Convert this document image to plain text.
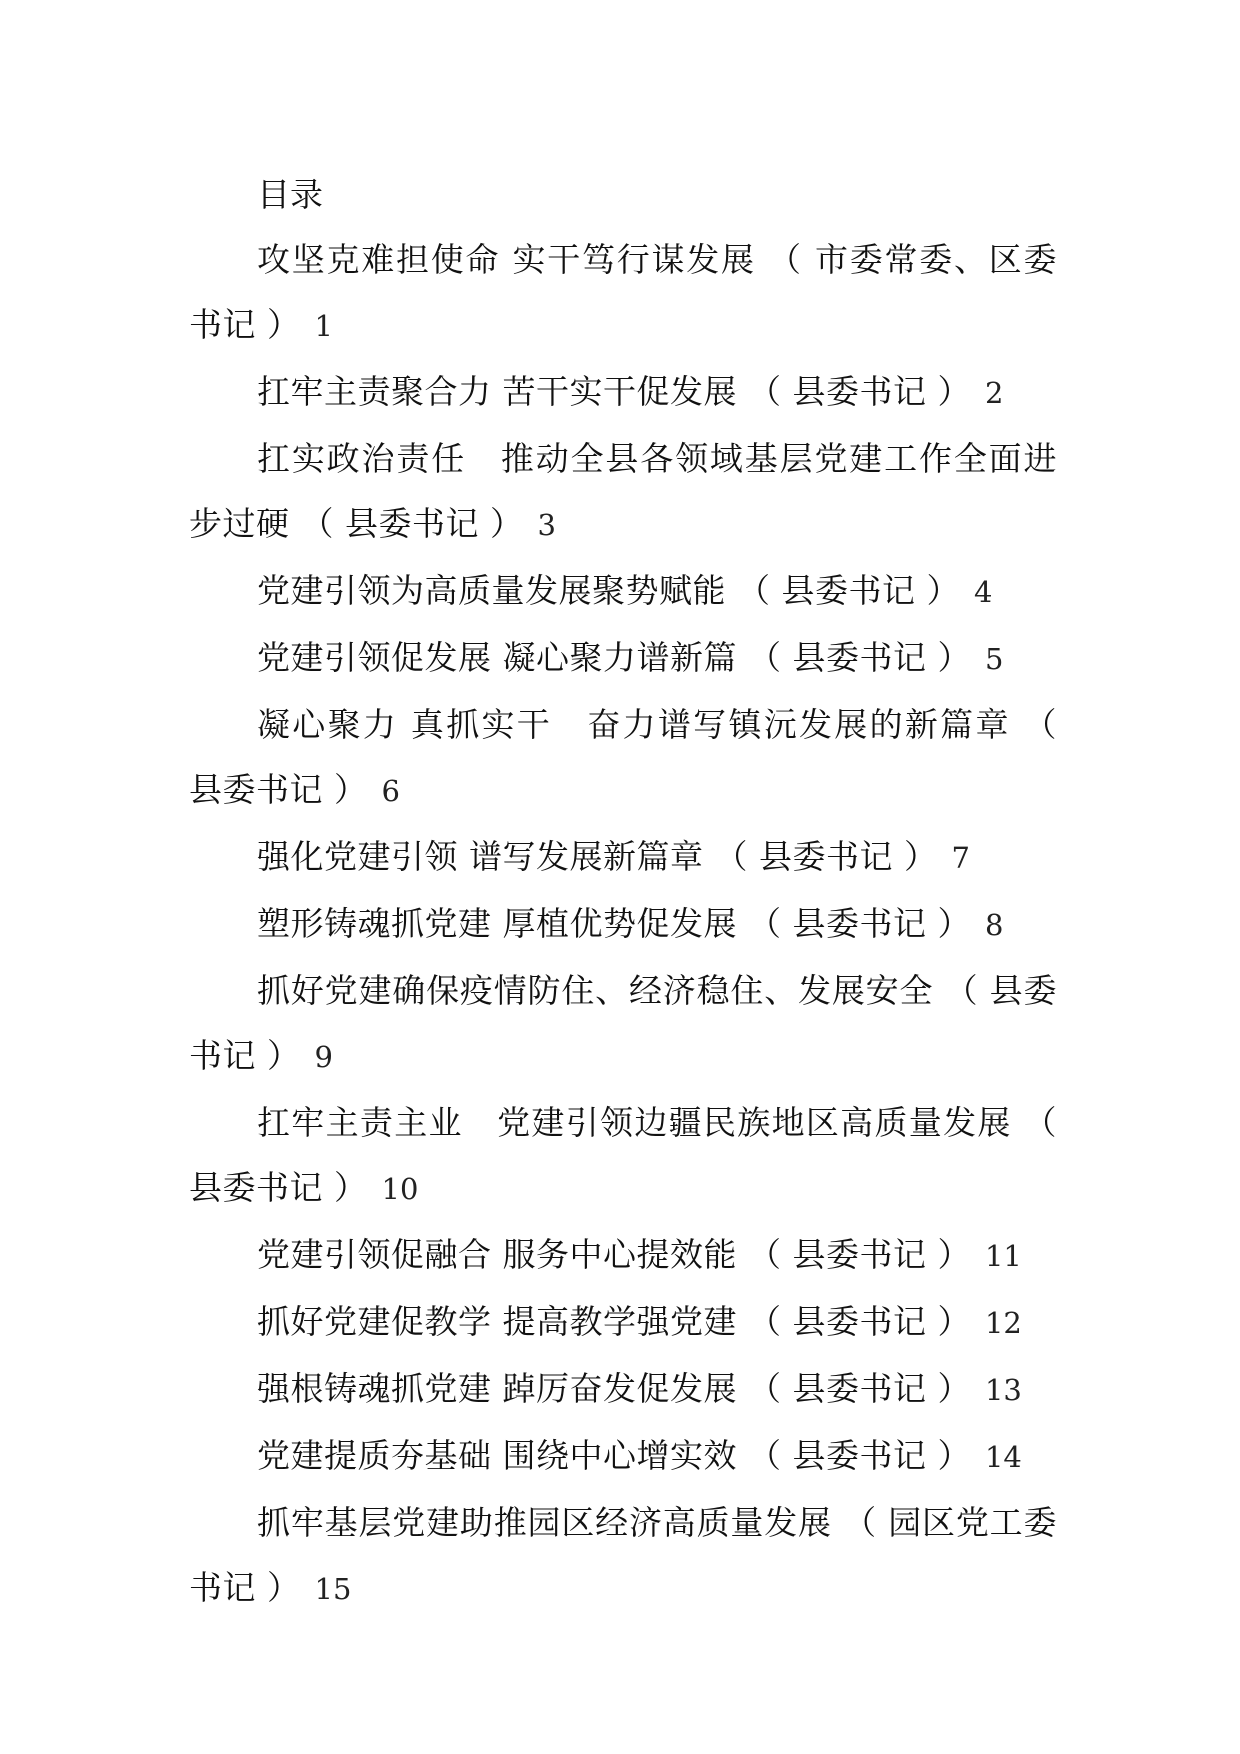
目录

攻坚克难担使命 实干笃行谋发展 （ 市委常委、区委书记 ） 1

扛牢主责聚合力 苦干实干促发展 （ 县委书记 ） 2

扛实政治责任　推动全县各领域基层党建工作全面进步过硬 （ 县委书记 ） 3

党建引领为高质量发展聚势赋能 （ 县委书记 ） 4

党建引领促发展 凝心聚力谱新篇 （ 县委书记 ） 5

凝心聚力 真抓实干　奋力谱写镇沅发展的新篇章 （ 县委书记 ） 6

强化党建引领 谱写发展新篇章 （ 县委书记 ） 7

塑形铸魂抓党建 厚植优势促发展 （ 县委书记 ） 8

抓好党建确保疫情防住、经济稳住、发展安全 （ 县委书记 ） 9

扛牢主责主业　党建引领边疆民族地区高质量发展 （ 县委书记 ） 10

党建引领促融合 服务中心提效能 （ 县委书记 ） 11

抓好党建促教学 提高教学强党建 （ 县委书记 ） 12

强根铸魂抓党建 踔厉奋发促发展 （ 县委书记 ） 13

党建提质夯基础 围绕中心增实效 （ 县委书记 ） 14

抓牢基层党建助推园区经济高质量发展 （ 园区党工委书记 ） 15
